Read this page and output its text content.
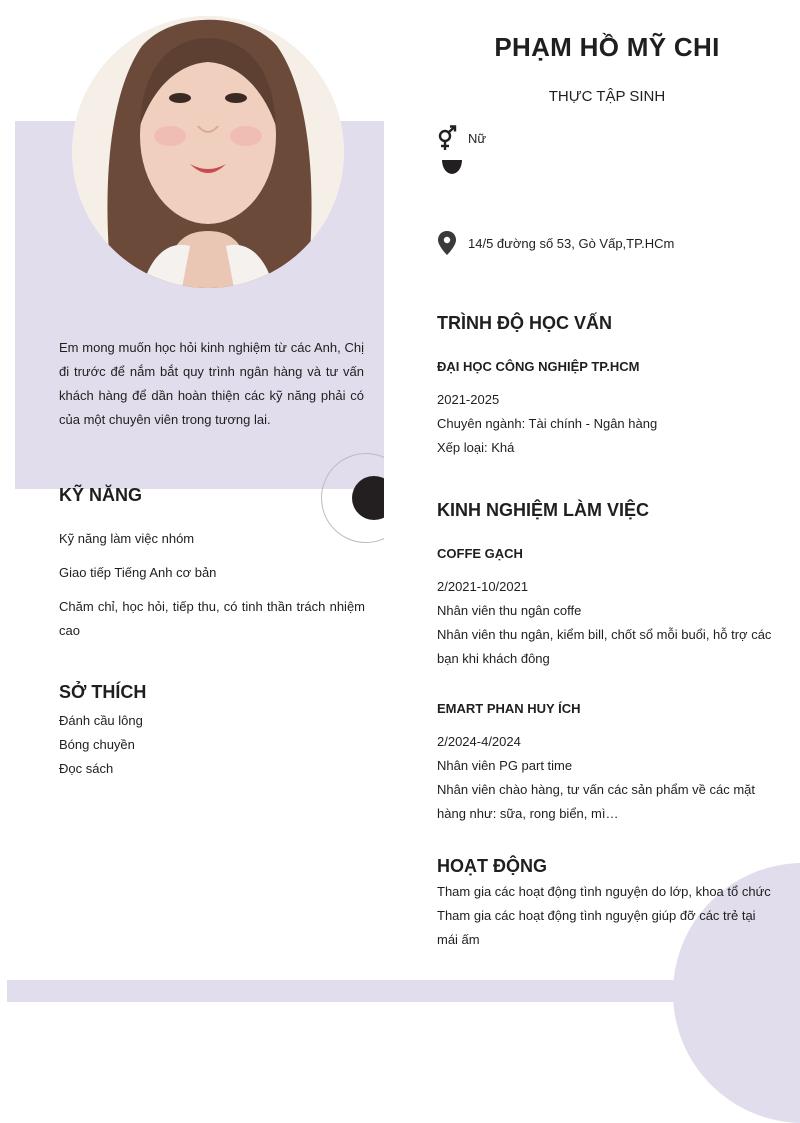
PHẠM HỒ MỸ CHI
THỰC TẬP SINH
Nữ
14/5 đường số 53, Gò Vấp,TP.HCm
Em mong muốn học hỏi kinh nghiệm từ các Anh, Chị đi trước để nắm bắt quy trình ngân hàng và tư vấn khách hàng để dần hoàn thiện các kỹ năng phải có của một chuyên viên trong tương lai.
KỸ NĂNG
Kỹ năng làm việc nhóm
Giao tiếp Tiếng Anh cơ bản
Chăm chỉ, học hỏi, tiếp thu, có tinh thần trách nhiệm cao
SỞ THÍCH
Đánh cầu lông
Bóng chuyền
Đọc sách
TRÌNH ĐỘ HỌC VẤN
ĐẠI HỌC CÔNG NGHIỆP TP.HCM
2021-2025
Chuyên ngành: Tài chính - Ngân hàng
Xếp loại: Khá
KINH NGHIỆM LÀM VIỆC
COFFE GẠCH
2/2021-10/2021
Nhân viên thu ngân coffe
Nhân viên thu ngân, kiểm bill, chốt sổ mỗi buổi, hỗ trợ các bạn khi khách đông
EMART PHAN HUY ÍCH
2/2024-4/2024
Nhân viên PG part time
Nhân viên chào hàng, tư vấn các sản phẩm về các mặt hàng như: sữa, rong biển, mì…
HOẠT ĐỘNG
Tham gia các hoạt động tình nguyện do lớp, khoa tổ chức
Tham gia các hoạt động tình nguyện giúp đỡ các trẻ tại mái ấm
